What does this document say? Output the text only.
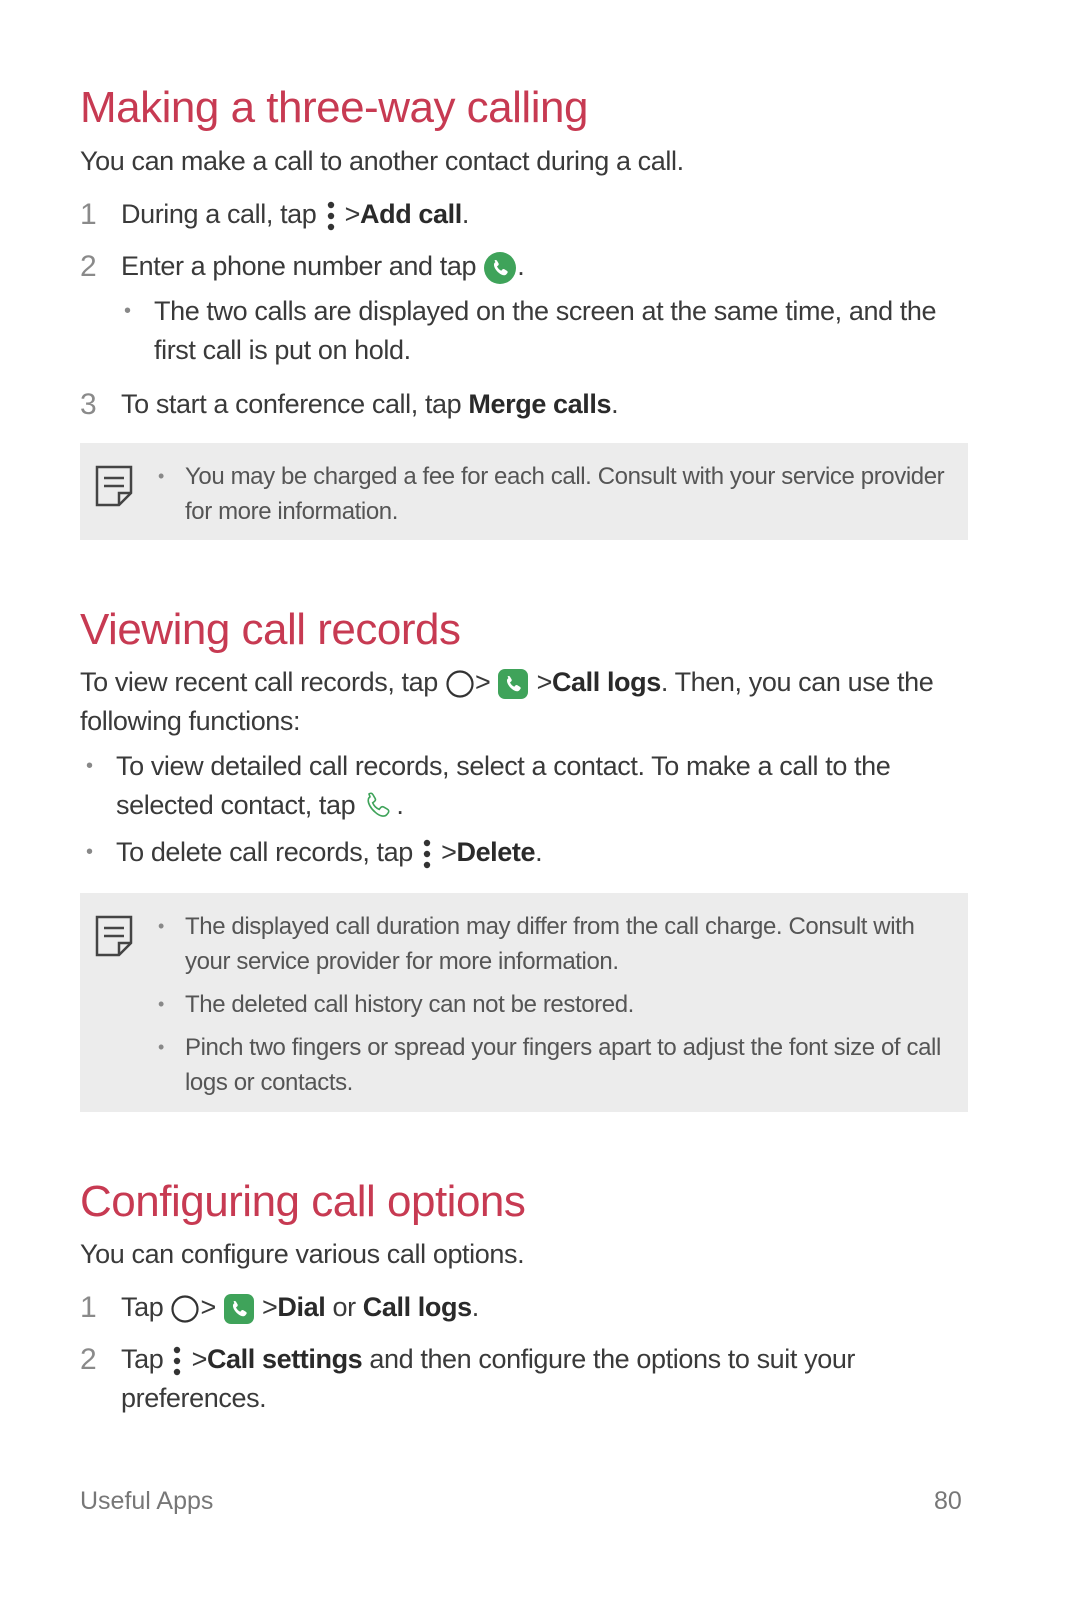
Making a three-way calling
You can make a call to another contact during a call.
1 During a call, tap >Add call.
2 Enter a phone number and tap .
• The two calls are displayed on the screen at the same time, and the first call is put on hold.
3 To start a conference call, tap Merge calls.
• You may be charged a fee for each call. Consult with your service provider for more information.
Viewing call records
To view recent call records, tap > >Call logs. Then, you can use the following functions:
• To view detailed call records, select a contact. To make a call to the selected contact, tap .
• To delete call records, tap >Delete.
• The displayed call duration may differ from the call charge. Consult with your service provider for more information.
• The deleted call history can not be restored.
• Pinch two fingers or spread your fingers apart to adjust the font size of call logs or contacts.
Configuring call options
You can configure various call options.
1 Tap > >Dial or Call logs.
2 Tap >Call settings and then configure the options to suit your preferences.
Useful Apps	80
